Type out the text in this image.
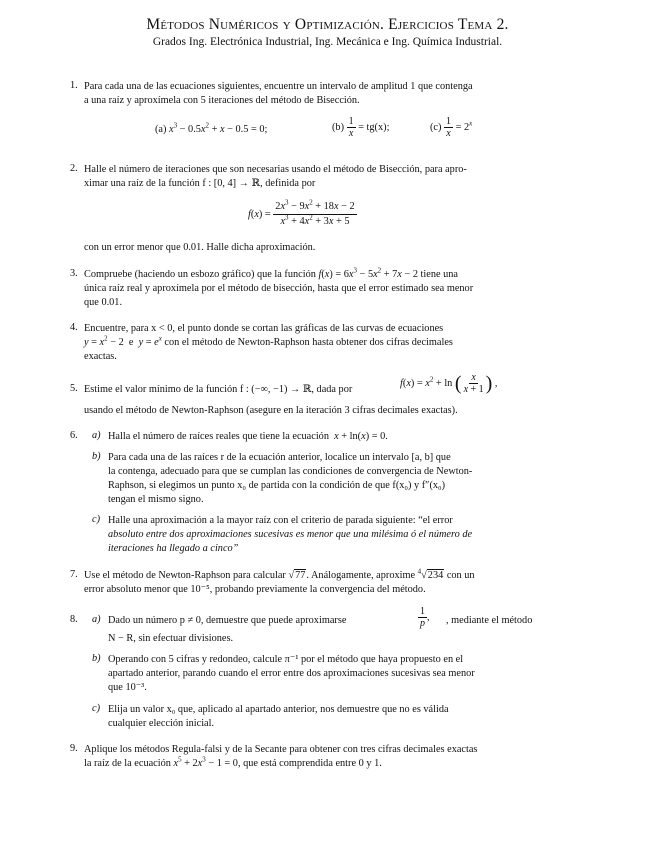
Métodos Numéricos y Optimización. Ejercicios Tema 2.
Grados Ing. Electrónica Industrial, Ing. Mecánica e Ing. Química Industrial.
1. Para cada una de las ecuaciones siguientes, encuentre un intervalo de amplitud 1 que contenga
a una raíz y aproxímela con 5 iteraciones del método de Bisección.
(a) $x^3 - 0.5x^2 + x - 0.5 = 0$;	$(b) \frac{1}{x} = tg(x)$;	$(c) \frac{1}{x} = 2^x$
2. Halle el número de iteraciones que son necesarias usando el método de Bisección, para apro-
ximar una raíz de la función f : [0, 4] → ℝ, definida por
$f(x) = \frac{2x^3 - 9x^2 + 18x - 2}{x^3 + 4x^2 + 3x + 5}$
con un error menor que 0.01. Halle dicha aproximación.
3. Compruebe (haciendo un esbozo gráfico) que la función $f(x) = 6x^3 - 5x^2 + 7x - 2$ tiene una
única raíz real y aproxímela por el método de bisección, hasta que el error estimado sea menor
que 0.01.
4. Encuentre, para x < 0, el punto donde se cortan las gráficas de las curvas de ecuaciones
$y = x^2 - 2$  e  $y = e^x$ con el método de Newton-Raphson hasta obtener dos cifras decimales
exactas.
5. Estime el valor mínimo de la función f : (−∞, −1) → ℝ, dada por
$f(x) = x^2 + \ln$ ( $\frac{x}{x + 1}$ ) ,
usando el método de Newton-Raphson (asegure en la iteración 3 cifras decimales exactas).
6. a) Halla el número de raíces reales que tiene la ecuación x + ln(x) = 0.
b) Para cada una de las raíces r de la ecuación anterior, localice un intervalo [a, b] que
la contenga, adecuado para que se cumplan las condiciones de convergencia de Newton-
Raphson, si elegimos un punto x₀ de partida con la condición de que f(x₀) y f″(x₀)
tengan el mismo signo.
c) Halle una aproximación a la mayor raíz con el criterio de parada siguiente: “el error
absoluto entre dos aproximaciones sucesivas es menor que una milésima ó el número de
iteraciones ha llegado a cinco”
7. Use el método de Newton-Raphson para calcular √77. Análogamente, aproxime $^4$√234 con un
error absoluto menor que 10⁻⁵, probando previamente la convergencia del método.
8. a) Dado un número p ≠ 0, demuestre que puede aproximarse	$\frac{1}{p}$ , , mediante el método
N − R, sin efectuar divisiones.
b) Operando con 5 cifras y redondeo, calcule π⁻¹ por el método que haya propuesto en el
apartado anterior, parando cuando el error entre dos aproximaciones sucesivas sea menor
que 10⁻³.
c) Elija un valor x₀ que, aplicado al apartado anterior, nos demuestre que no es válida
cualquier elección inicial.
9. Aplique los métodos Regula-falsi y de la Secante para obtener con tres cifras decimales exactas
la raíz de la ecuación $x^5 + 2x^3 - 1 = 0$, que está comprendida entre 0 y 1.
